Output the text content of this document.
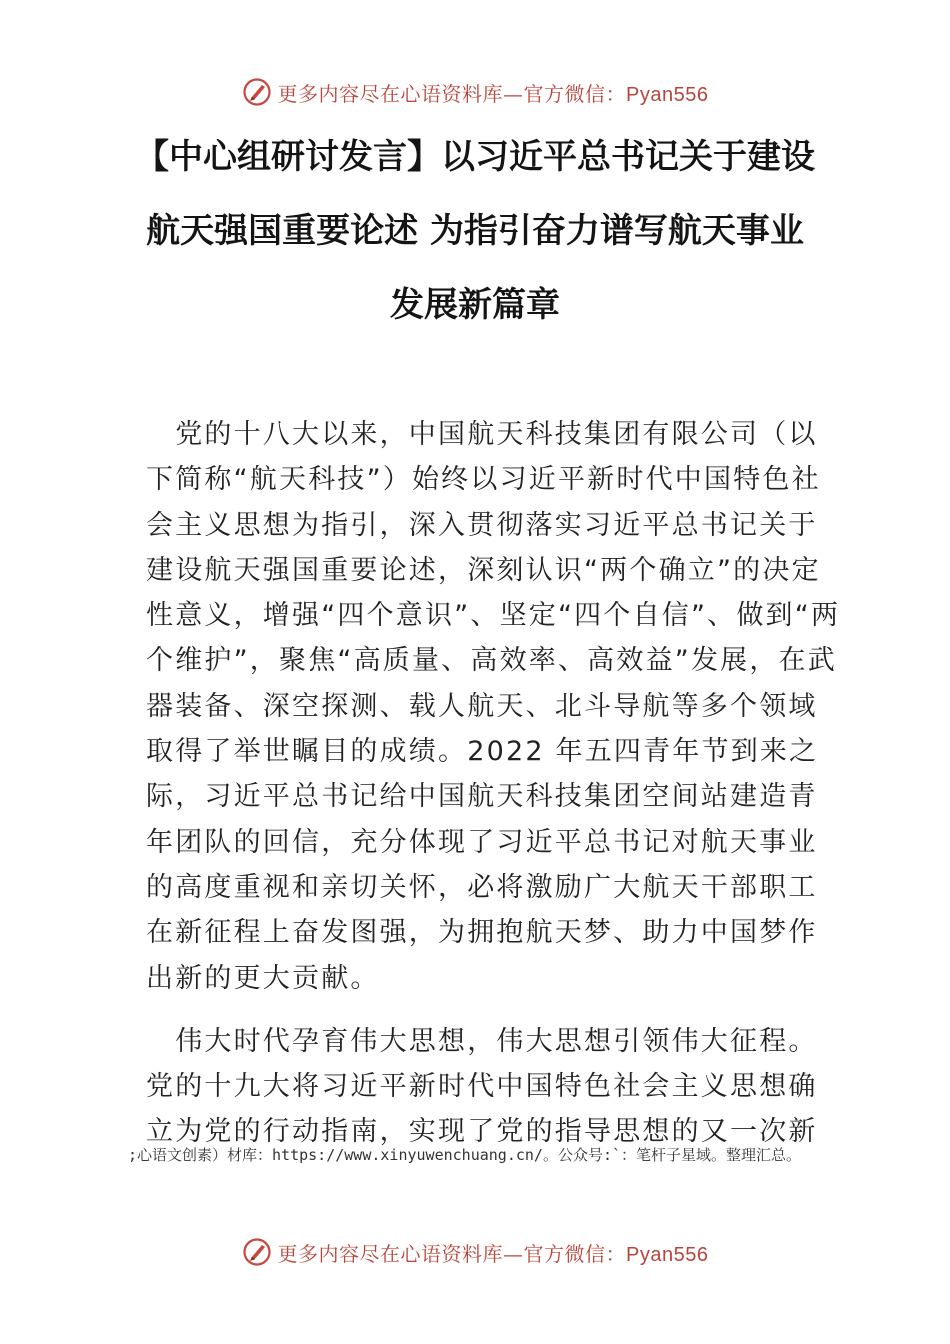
更多内容尽在心语资料库—官方微信：Pyan556
【中心组研讨发言】以习近平总书记关于建设
航天强国重要论述 为指引奋力谱写航天事业
发展新篇章
　党的十八大以来，中国航天科技集团有限公司（以
下简称“航天科技”）始终以习近平新时代中国特色社
会主义思想为指引，深入贯彻落实习近平总书记关于
建设航天强国重要论述，深刻认识“两个确立”的决定
性意义，增强“四个意识”、坚定“四个自信”、做到“两
个维护”，聚焦“高质量、高效率、高效益”发展，在武
器装备、深空探测、载人航天、北斗导航等多个领域
取得了举世瞩目的成绩。2022 年五四青年节到来之
际，习近平总书记给中国航天科技集团空间站建造青
年团队的回信，充分体现了习近平总书记对航天事业
的高度重视和亲切关怀，必将激励广大航天干部职工
在新征程上奋发图强，为拥抱航天梦、助力中国梦作
出新的更大贡献。
　伟大时代孕育伟大思想，伟大思想引领伟大征程。
党的十九大将习近平新时代中国特色社会主义思想确
立为党的行动指南，实现了党的指导思想的又一次新
;心语文创素）材库：https://www.xinyuwenchuang.cn/。公众号:`：笔杆子星域。整理汇总。
更多内容尽在心语资料库—官方微信：Pyan556
